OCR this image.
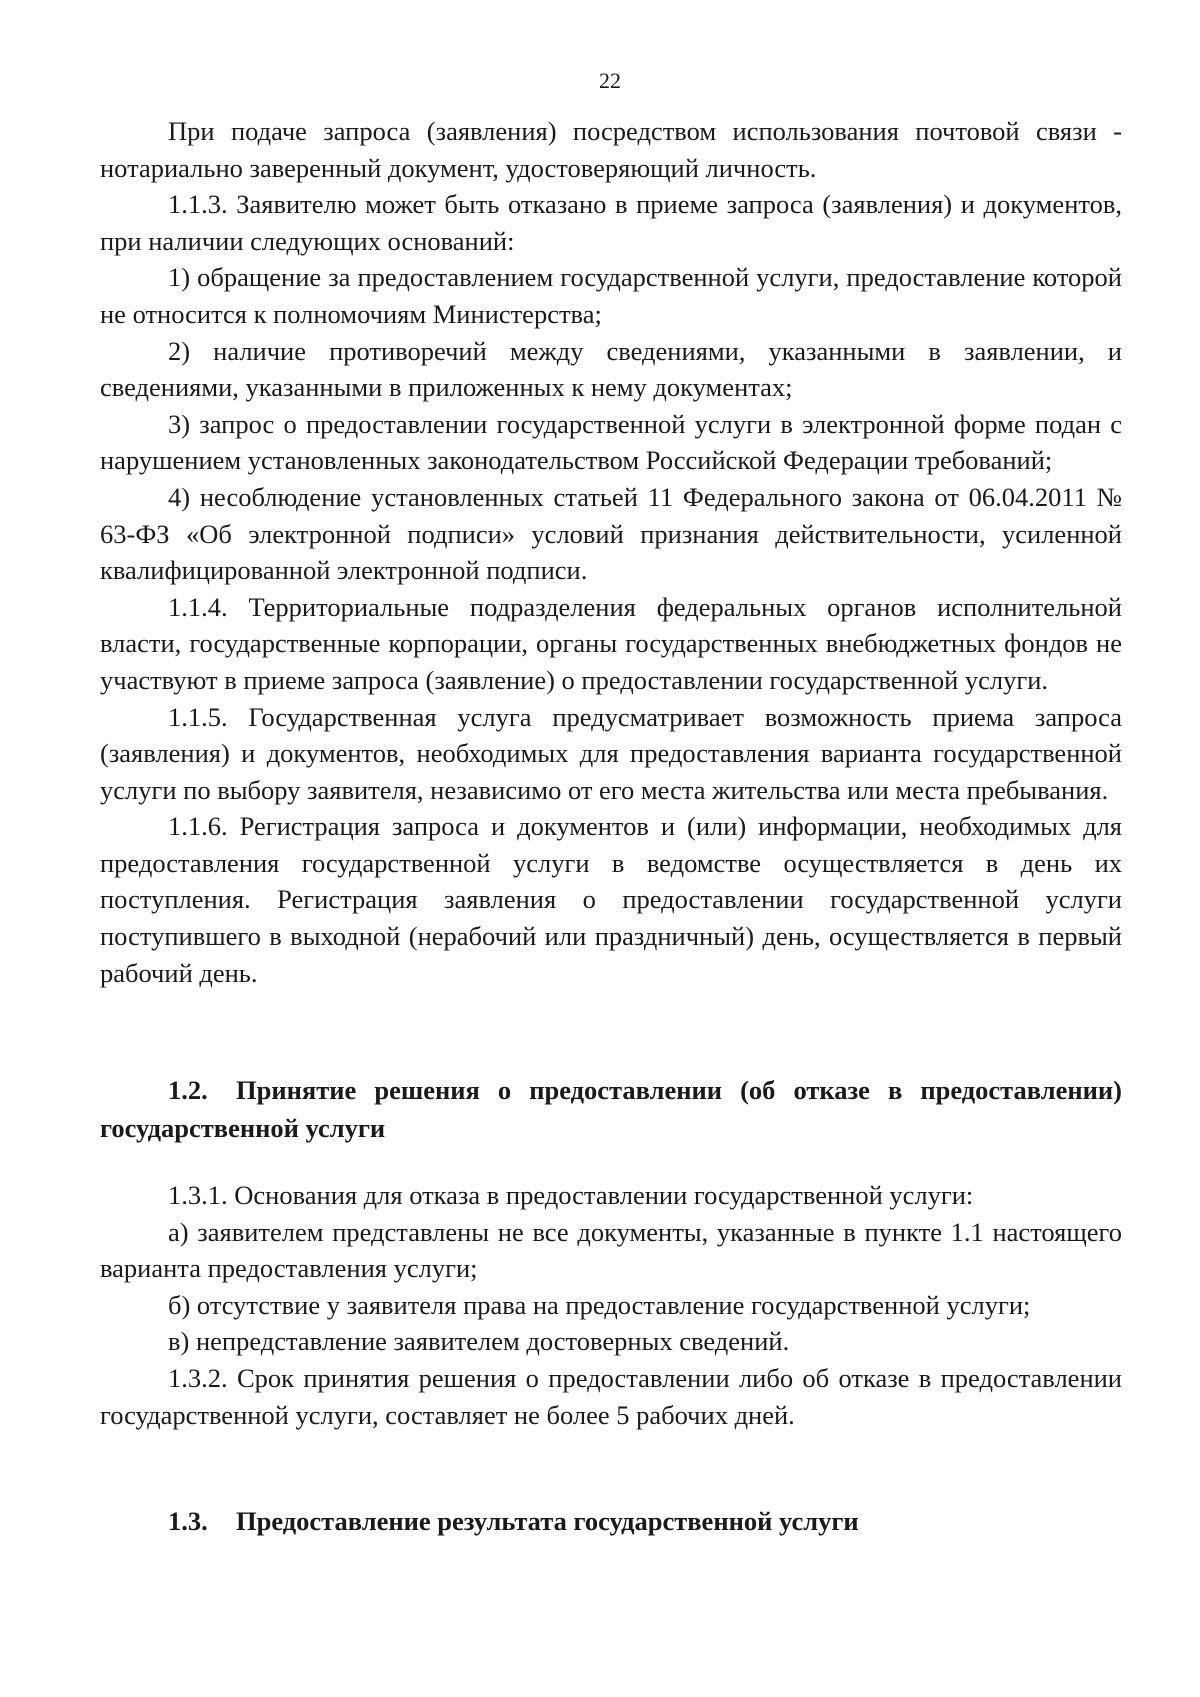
22

При подаче запроса (заявления) посредством использования почтовой связи - нотариально заверенный документ, удостоверяющий личность.

1.1.3. Заявителю может быть отказано в приеме запроса (заявления) и документов, при наличии следующих оснований:

1) обращение за предоставлением государственной услуги, предоставление которой не относится к полномочиям Министерства;

2) наличие противоречий между сведениями, указанными в заявлении, и сведениями, указанными в приложенных к нему документах;

3) запрос о предоставлении государственной услуги в электронной форме подан с нарушением установленных законодательством Российской Федерации требований;

4) несоблюдение установленных статьей 11 Федерального закона от 06.04.2011 № 63-ФЗ «Об электронной подписи» условий признания действительности, усиленной квалифицированной электронной подписи.

1.1.4. Территориальные подразделения федеральных органов исполнительной власти, государственные корпорации, органы государственных внебюджетных фондов не участвуют в приеме запроса (заявление) о предоставлении государственной услуги.

1.1.5. Государственная услуга предусматривает возможность приема запроса (заявления) и документов, необходимых для предоставления варианта государственной услуги по выбору заявителя, независимо от его места жительства или места пребывания.

1.1.6. Регистрация запроса и документов и (или) информации, необходимых для предоставления государственной услуги в ведомстве осуществляется в день их поступления. Регистрация заявления о предоставлении государственной услуги поступившего в выходной (нерабочий или праздничный) день, осуществляется в первый рабочий день.

1.2. Принятие решения о предоставлении (об отказе в предоставлении) государственной услуги

1.3.1. Основания для отказа в предоставлении государственной услуги:

а) заявителем представлены не все документы, указанные в пункте 1.1 настоящего варианта предоставления услуги;

б) отсутствие у заявителя права на предоставление государственной услуги;

в) непредставление заявителем достоверных сведений.

1.3.2. Срок принятия решения о предоставлении либо об отказе в предоставлении государственной услуги, составляет не более 5 рабочих дней.

1.3. Предоставление результата государственной услуги
